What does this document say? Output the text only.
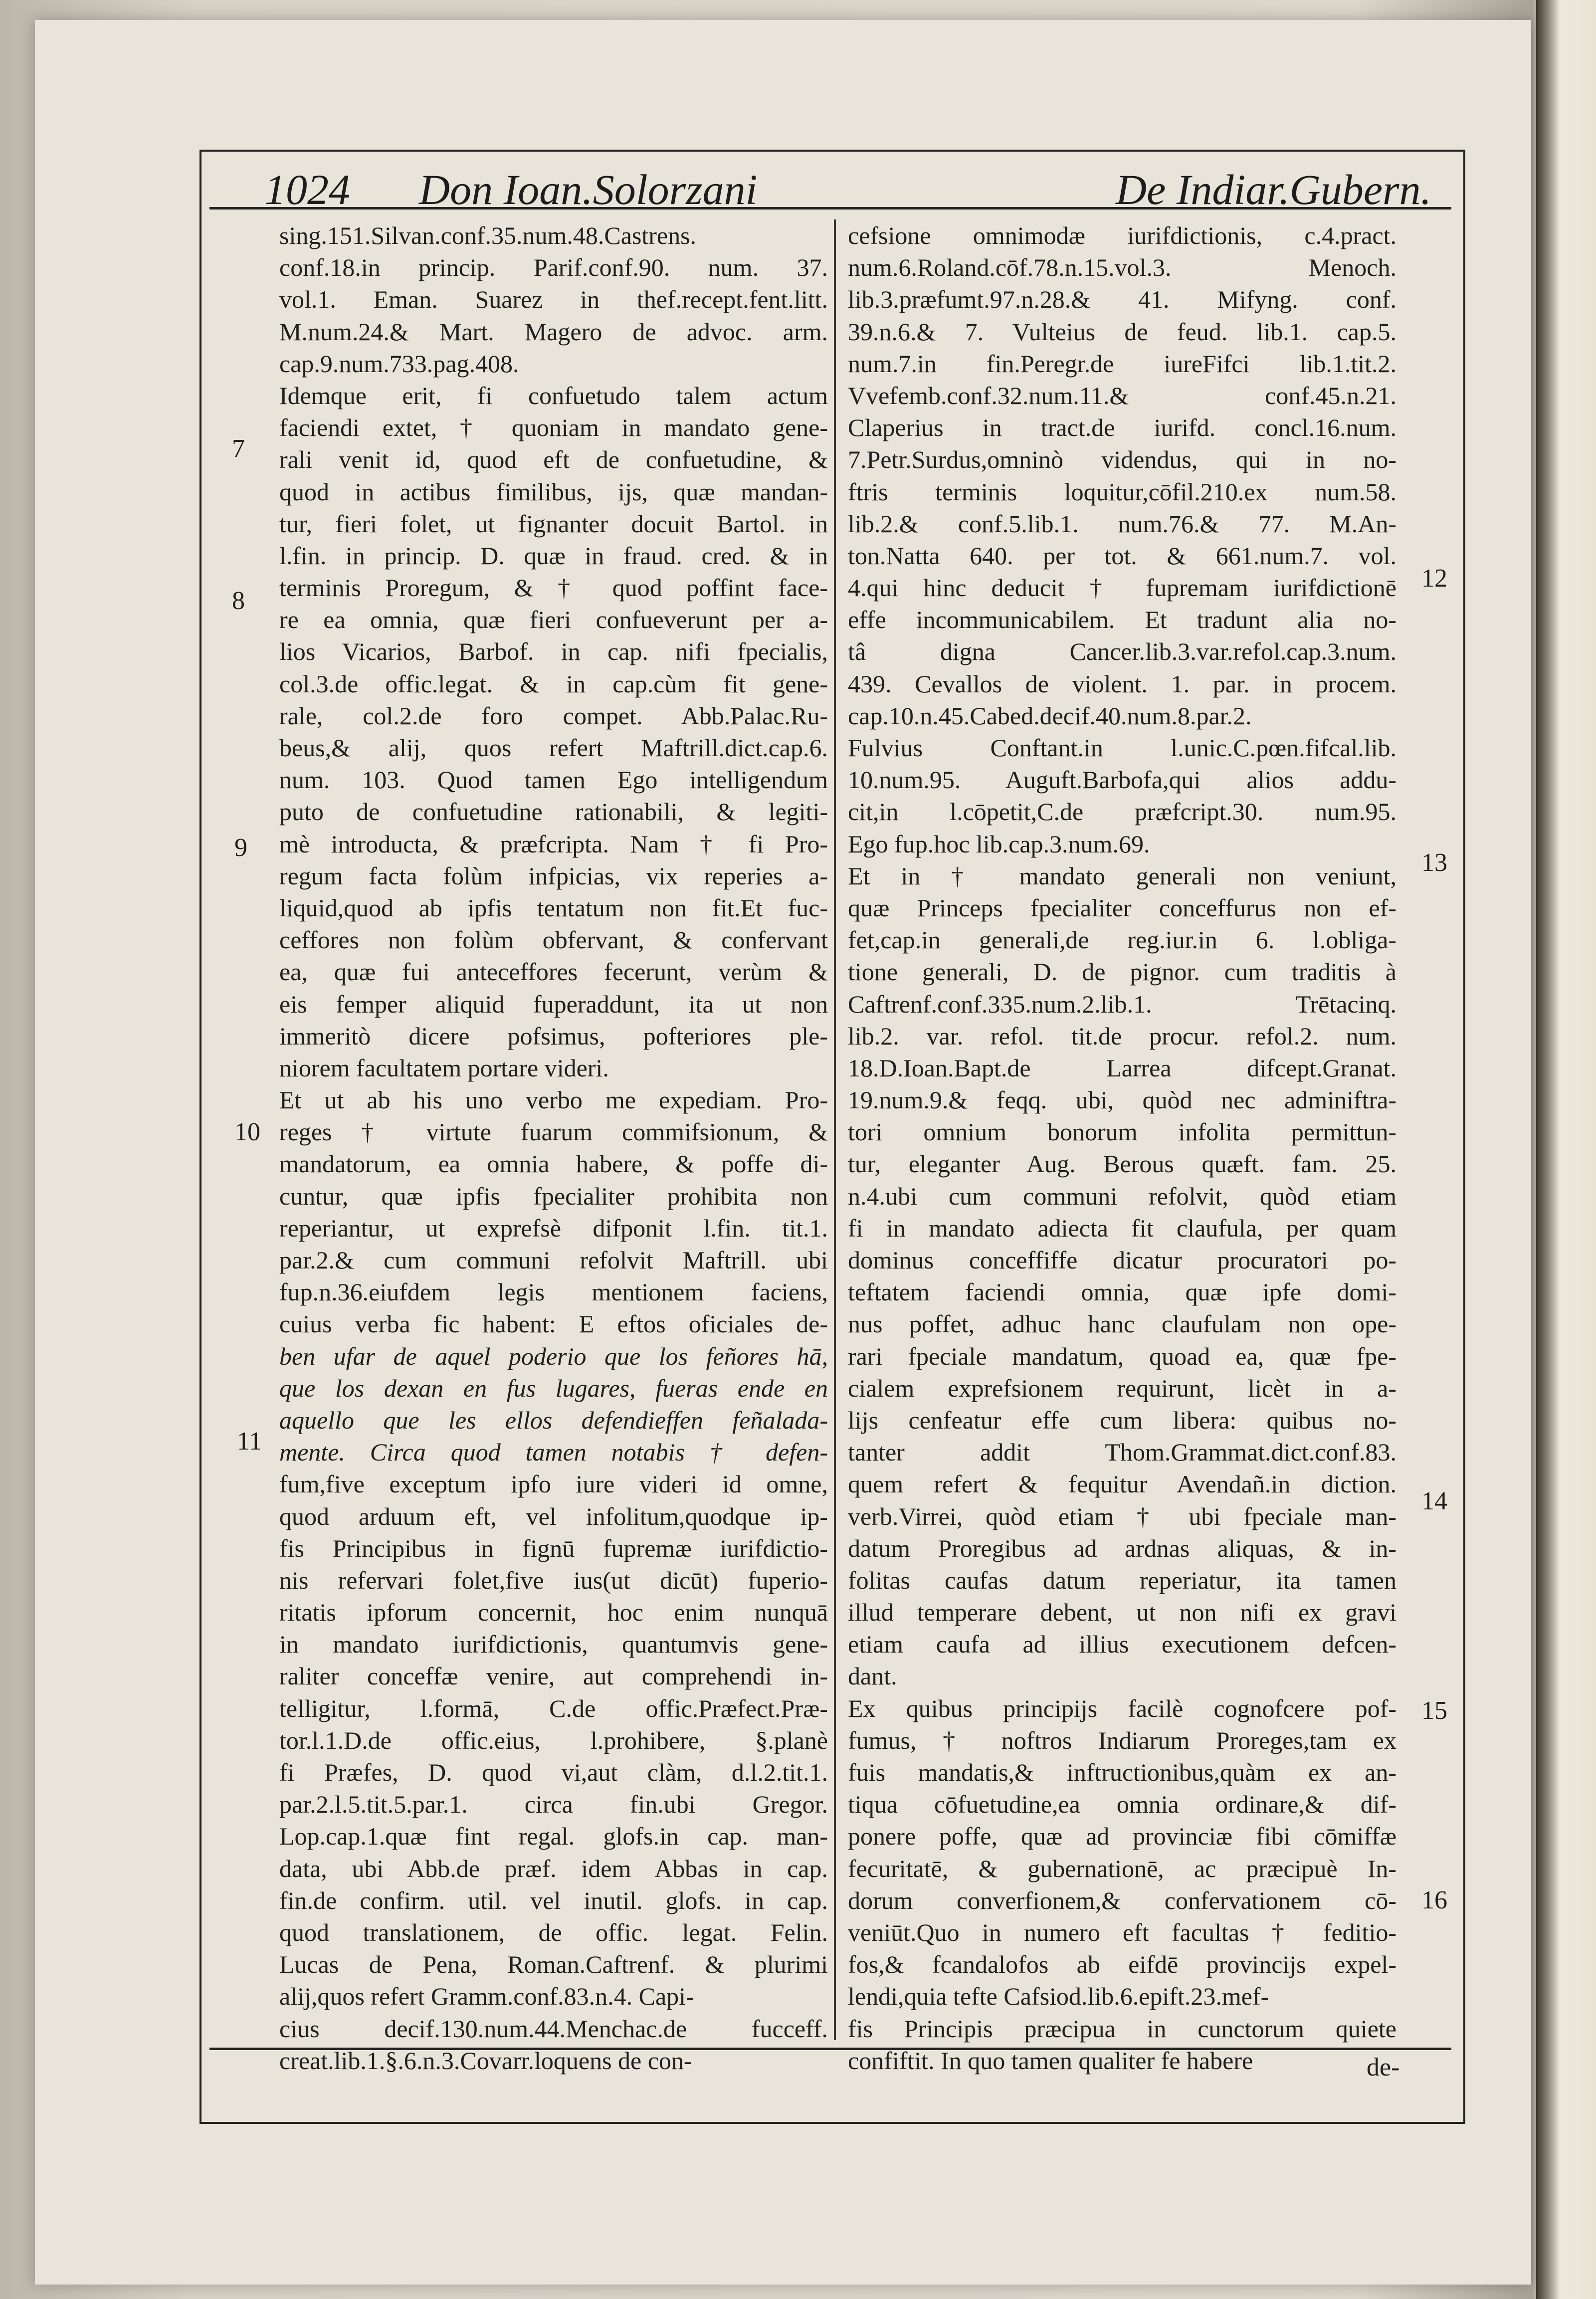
1024 Don Ioan.Solorzani	De Indiar.Gubern.
sing.151.Silvan.conf.35.num.48.Castrens.
conf.18.in princip. Parif.conf.90. num. 37.
vol.1. Eman. Suarez in thef.recept.fent.litt.
M.num.24.& Mart. Magero de advoc. arm.
cap.9.num.733.pag.408.
Idemque erit, fi confuetudo talem actum
faciendi extet, † quoniam in mandato gene-
rali venit id, quod eft de confuetudine, &
quod in actibus fimilibus, ijs, quæ mandan-
tur, fieri folet, ut fignanter docuit Bartol. in
l.fin. in princip. D. quæ in fraud. cred. & in
terminis Proregum, & † quod poffint face-
re ea omnia, quæ fieri confueverunt per a-
lios Vicarios, Barbof. in cap. nifi fpecialis,
col.3.de offic.legat. & in cap.cùm fit gene-
rale, col.2.de foro compet. Abb.Palac.Ru-
beus,& alij, quos refert Maftrill.dict.cap.6.
num. 103. Quod tamen Ego intelligendum
puto de confuetudine rationabili, & legiti-
mè introducta, & præfcripta. Nam † fi Pro-
regum facta folùm infpicias, vix reperies a-
liquid,quod ab ipfis tentatum non fit.Et fuc-
ceffores non folùm obfervant, & confervant
ea, quæ fui anteceffores fecerunt, verùm &
eis femper aliquid fuperaddunt, ita ut non
immeritò dicere pofsimus, pofteriores ple-
niorem facultatem portare videri.
Et ut ab his uno verbo me expediam. Pro-
reges † virtute fuarum commifsionum, &
mandatorum, ea omnia habere, & poffe di-
cuntur, quæ ipfis fpecialiter prohibita non
reperiantur, ut exprefsè difponit l.fin. tit.1.
par.2.& cum communi refolvit Maftrill. ubi
fup.n.36.eiufdem legis mentionem faciens,
cuius verba fic habent: E eftos oficiales de-
ben ufar de aquel poderio que los feñores hā,
que los dexan en fus lugares, fueras ende en
aquello que les ellos defendieffen feñalada-
mente. Circa quod tamen notabis † defen-
fum,five exceptum ipfo iure videri id omne,
quod arduum eft, vel infolitum,quodque ip-
fis Principibus in fignū fupremæ iurifdictio-
nis refervari folet,five ius(ut dicūt) fuperio-
ritatis ipforum concernit, hoc enim nunquā
in mandato iurifdictionis, quantumvis gene-
raliter conceffæ venire, aut comprehendi in-
telligitur, l.formā, C.de offic.Præfect.Præ-
tor.l.1.D.de offic.eius, l.prohibere, §.planè
fi Præfes, D. quod vi,aut clàm, d.l.2.tit.1.
par.2.l.5.tit.5.par.1. circa fin.ubi Gregor.
Lop.cap.1.quæ fint regal. glofs.in cap. man-
data, ubi Abb.de præf. idem Abbas in cap.
fin.de confirm. util. vel inutil. glofs. in cap.
quod translationem, de offic. legat. Felin.
Lucas de Pena, Roman.Caftrenf. & plurimi
alij,quos refert Gramm.conf.83.n.4. Capi-
cius decif.130.num.44.Menchac.de fucceff.
creat.lib.1.§.6.n.3.Covarr.loquens de con-
cefsione omnimodæ iurifdictionis, c.4.pract.
num.6.Roland.cōf.78.n.15.vol.3. Menoch.
lib.3.præfumt.97.n.28.& 41. Mifyng. conf.
39.n.6.& 7. Vulteius de feud. lib.1. cap.5.
num.7.in fin.Peregr.de iureFifci lib.1.tit.2.
Vvefemb.conf.32.num.11.& conf.45.n.21.
Claperius in tract.de iurifd. concl.16.num.
7.Petr.Surdus,omninò videndus, qui in no-
ftris terminis loquitur,cōfil.210.ex num.58.
lib.2.& conf.5.lib.1. num.76.& 77. M.An-
ton.Natta 640. per tot. & 661.num.7. vol.
4.qui hinc deducit † fupremam iurifdictionē
effe incommunicabilem. Et tradunt alia no-
tâ digna Cancer.lib.3.var.refol.cap.3.num.
439. Cevallos de violent. 1. par. in procem.
cap.10.n.45.Cabed.decif.40.num.8.par.2.
Fulvius Conftant.in l.unic.C.pœn.fifcal.lib.
10.num.95. Auguft.Barbofa,qui alios addu-
cit,in l.cōpetit,C.de præfcript.30. num.95.
Ego fup.hoc lib.cap.3.num.69.
Et in † mandato generali non veniunt,
quæ Princeps fpecialiter conceffurus non ef-
fet,cap.in generali,de reg.iur.in 6. l.obliga-
tione generali, D. de pignor. cum traditis à
Caftrenf.conf.335.num.2.lib.1. Trētacinq.
lib.2. var. refol. tit.de procur. refol.2. num.
18.D.Ioan.Bapt.de Larrea difcept.Granat.
19.num.9.& feqq. ubi, quòd nec adminiftra-
tori omnium bonorum infolita permittun-
tur, eleganter Aug. Berous quæft. fam. 25.
n.4.ubi cum communi refolvit, quòd etiam
fi in mandato adiecta fit claufula, per quam
dominus conceffiffe dicatur procuratori po-
teftatem faciendi omnia, quæ ipfe domi-
nus poffet, adhuc hanc claufulam non ope-
rari fpeciale mandatum, quoad ea, quæ fpe-
cialem exprefsionem requirunt, licèt in a-
lijs cenfeatur effe cum libera: quibus no-
tanter addit Thom.Grammat.dict.conf.83.
quem refert & fequitur Avendañ.in diction.
verb.Virrei, quòd etiam † ubi fpeciale man-
datum Proregibus ad ardnas aliquas, & in-
folitas caufas datum reperiatur, ita tamen
illud temperare debent, ut non nifi ex gravi
etiam caufa ad illius executionem defcen-
dant.
Ex quibus principijs facilè cognofcere pof-
fumus, † noftros Indiarum Proreges,tam ex
fuis mandatis,& inftructionibus,quàm ex an-
tiqua cōfuetudine,ea omnia ordinare,& dif-
ponere poffe, quæ ad provinciæ fibi cōmiffæ
fecuritatē, & gubernationē, ac præcipuè In-
dorum converfionem,& confervationem cō-
veniūt.Quo in numero eft facultas † feditio-
fos,& fcandalofos ab eifdē provincijs expel-
lendi,quia tefte Cafsiod.lib.6.epift.23.mef-
fis Principis præcipua in cunctorum quiete
confiftit. In quo tamen qualiter fe habere
7
8
9
10
11
12
13
14
15
16
de-
